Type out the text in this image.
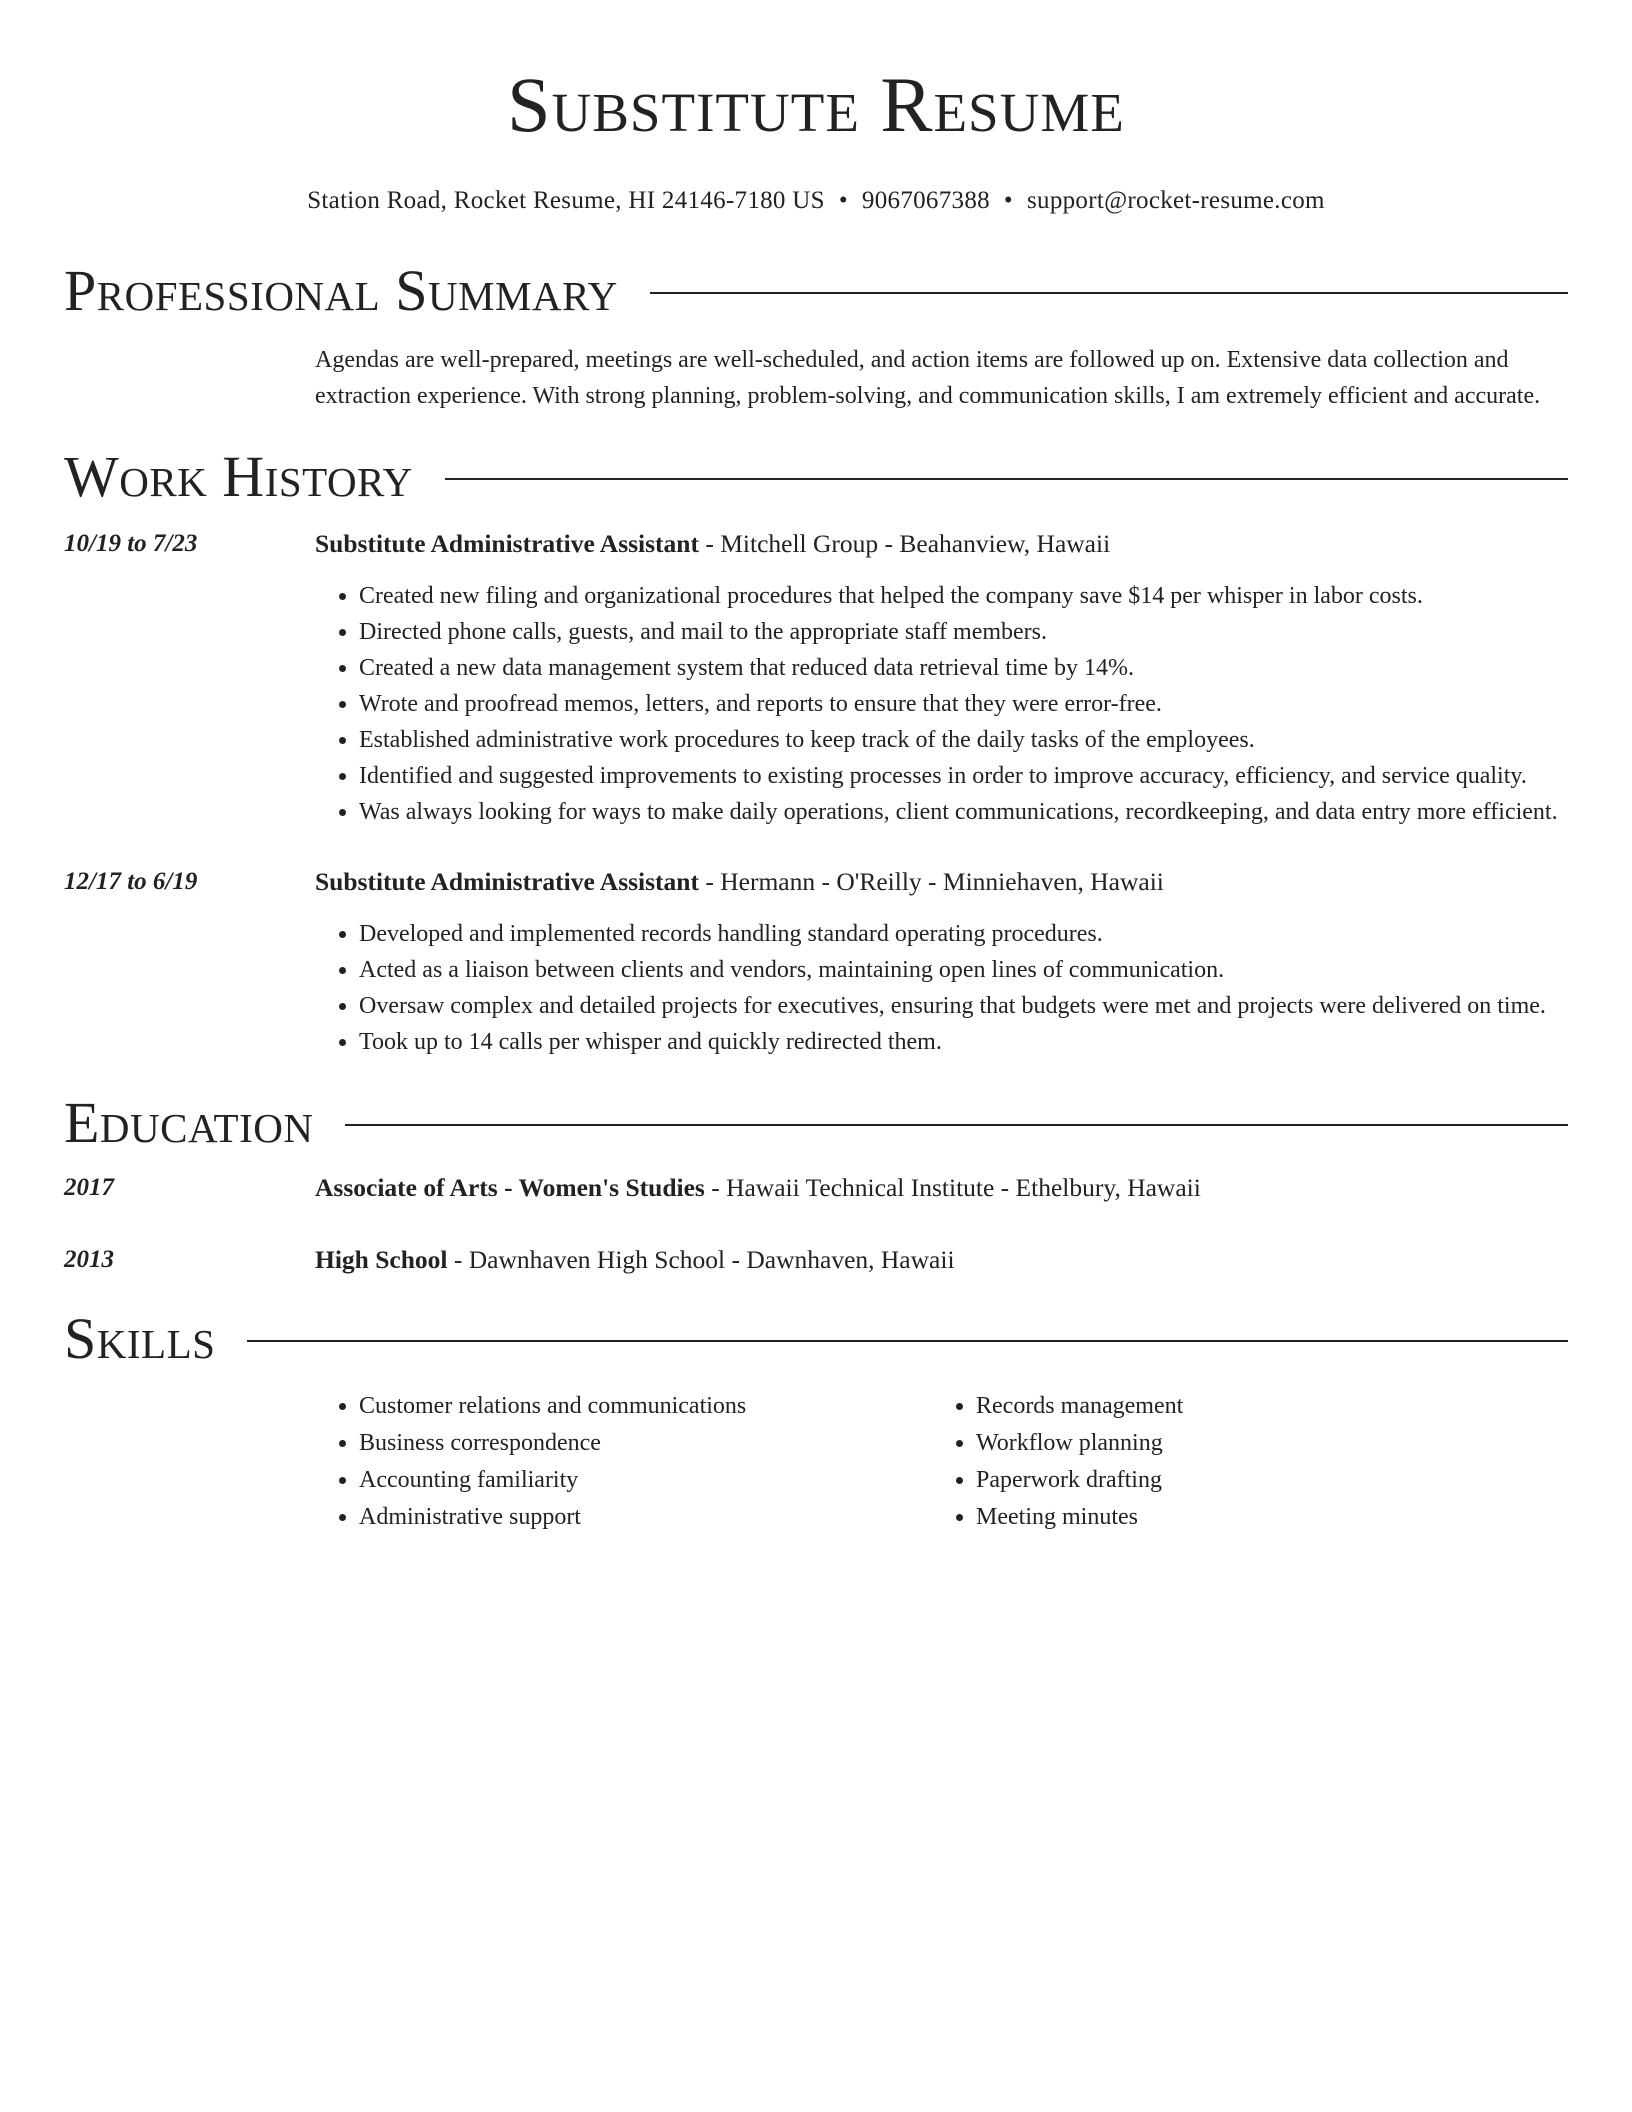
Substitute Resume
Station Road, Rocket Resume, HI 24146-7180 US • 9067067388 • support@rocket-resume.com
Professional Summary
Agendas are well-prepared, meetings are well-scheduled, and action items are followed up on. Extensive data collection and extraction experience. With strong planning, problem-solving, and communication skills, I am extremely efficient and accurate.
Work History
10/19 to 7/23	Substitute Administrative Assistant - Mitchell Group - Beahanview, Hawaii
• Created new filing and organizational procedures that helped the company save $14 per whisper in labor costs.
• Directed phone calls, guests, and mail to the appropriate staff members.
• Created a new data management system that reduced data retrieval time by 14%.
• Wrote and proofread memos, letters, and reports to ensure that they were error-free.
• Established administrative work procedures to keep track of the daily tasks of the employees.
• Identified and suggested improvements to existing processes in order to improve accuracy, efficiency, and service quality.
• Was always looking for ways to make daily operations, client communications, recordkeeping, and data entry more efficient.
12/17 to 6/19	Substitute Administrative Assistant - Hermann - O'Reilly - Minniehaven, Hawaii
• Developed and implemented records handling standard operating procedures.
• Acted as a liaison between clients and vendors, maintaining open lines of communication.
• Oversaw complex and detailed projects for executives, ensuring that budgets were met and projects were delivered on time.
• Took up to 14 calls per whisper and quickly redirected them.
Education
2017	Associate of Arts - Women's Studies - Hawaii Technical Institute - Ethelbury, Hawaii
2013	High School - Dawnhaven High School - Dawnhaven, Hawaii
Skills
• Customer relations and communications
• Business correspondence
• Accounting familiarity
• Administrative support
• Records management
• Workflow planning
• Paperwork drafting
• Meeting minutes
